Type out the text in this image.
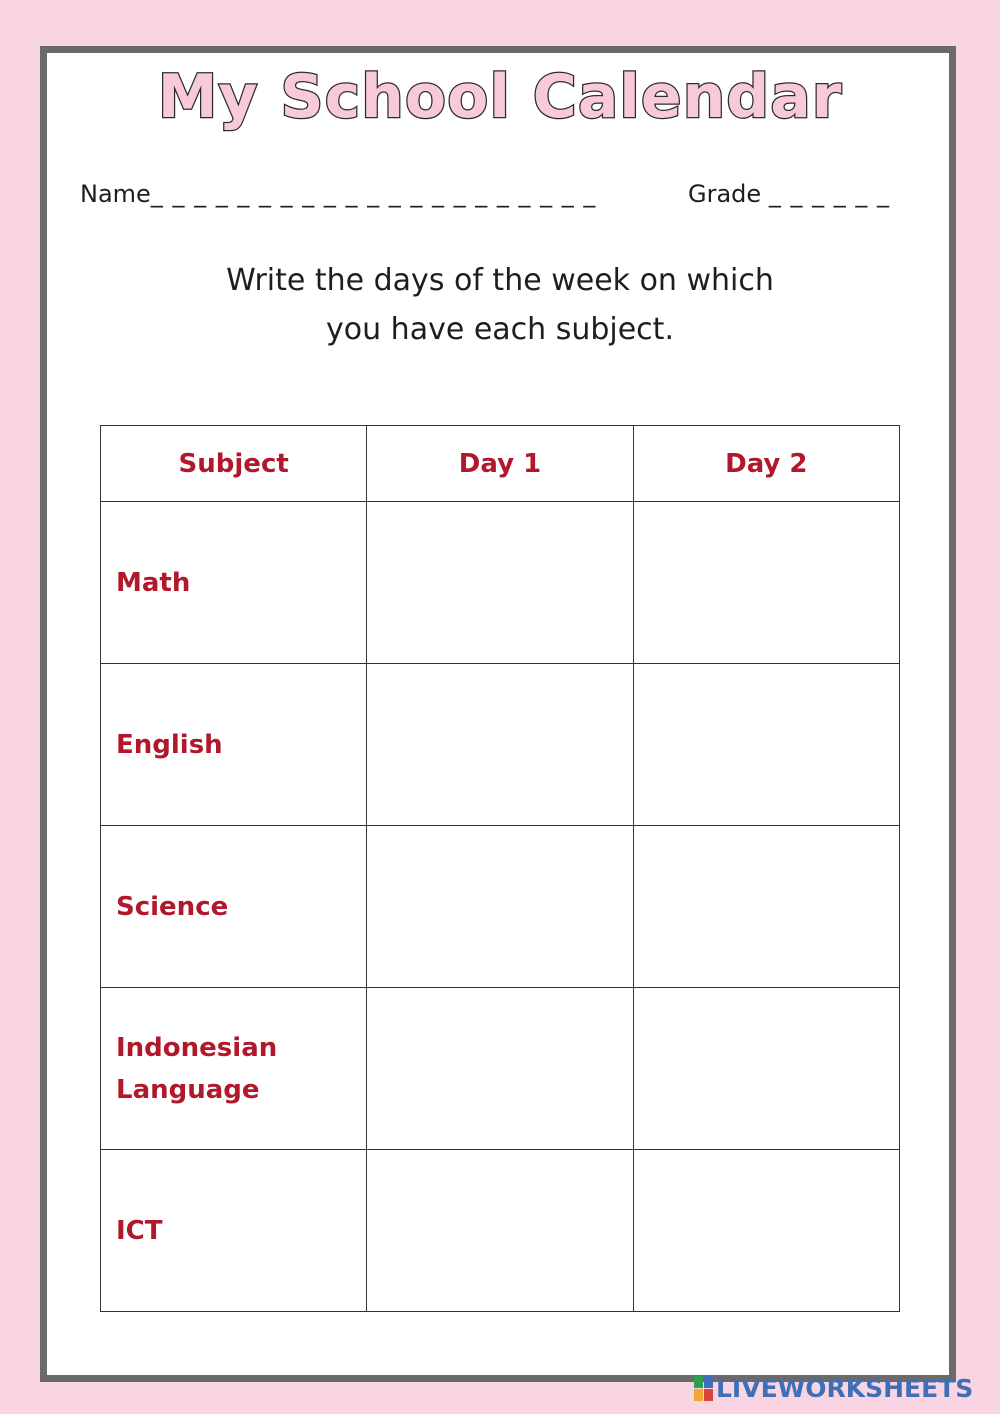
My School Calendar
Name_ _ _ _ _ _ _ _ _ _ _ _ _ _ _ _ _ _ _ _ _	Grade _ _ _ _ _ _
Write the days of the week on which
you have each subject.
Subject	Day 1	Day 2
Math		
English		
Science		

Indonesian
Language		

ICT		
LIVEWORKSHEETS
